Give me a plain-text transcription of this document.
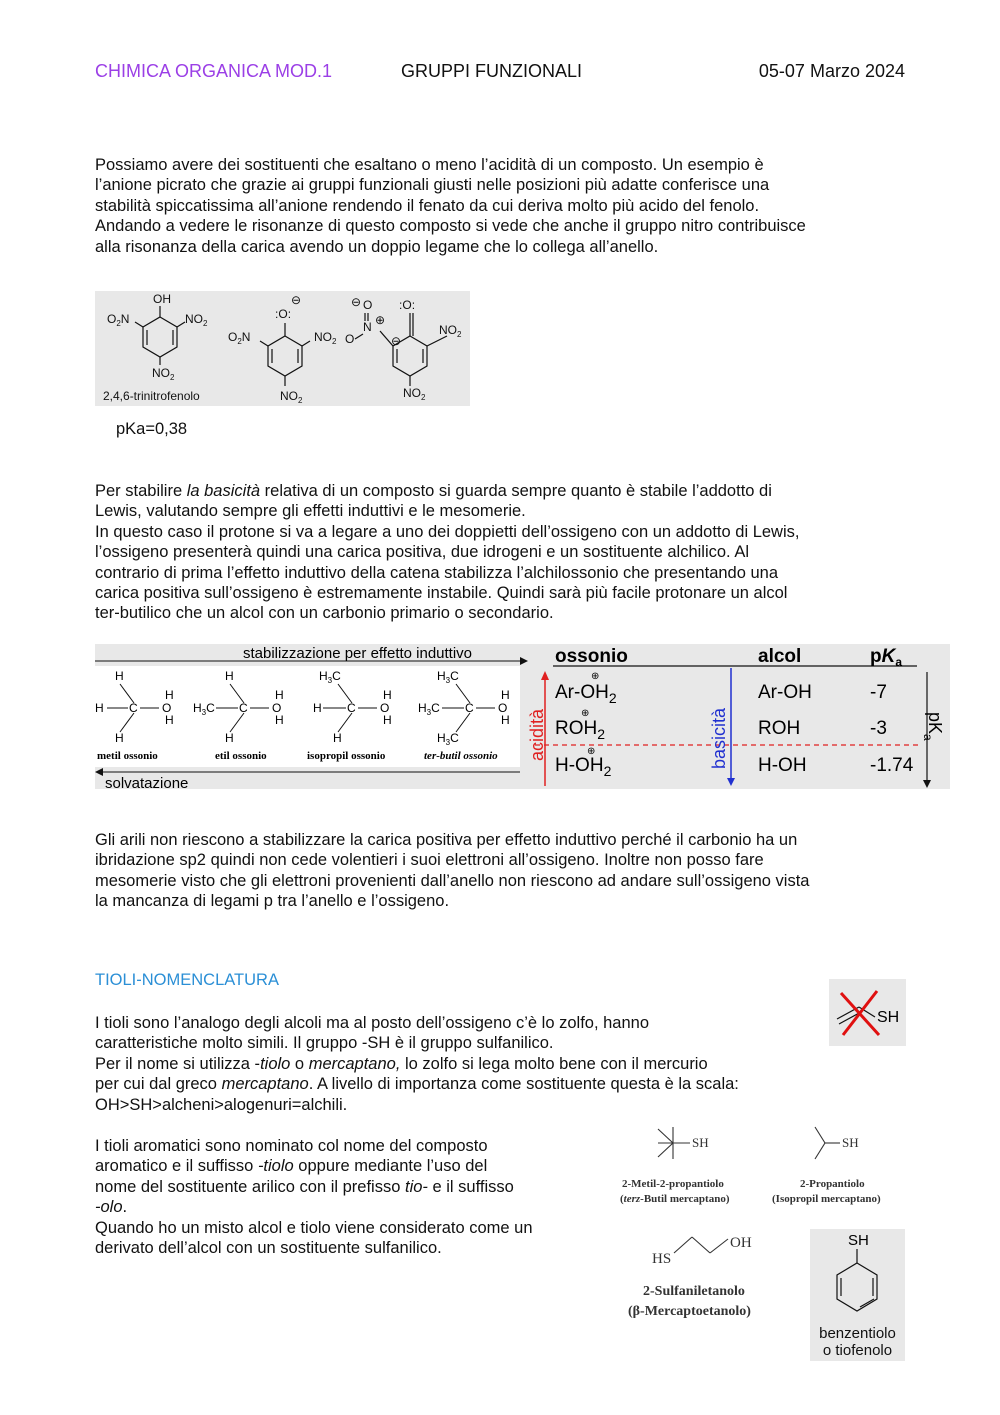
CHIMICA ORGANICA MOD.1	GRUPPI FUNZIONALI	05-07 Marzo 2024

Possiamo avere dei sostituenti che esaltano o meno l’acidità di un composto. Un esempio è

l’anione picrato che grazie ai gruppi funzionali giusti nelle posizioni più adatte conferisce una

stabilità spiccatissima all’anione rendendo il fenato da cui deriva molto più acido del fenolo.

Andando a vedere le risonanze di questo composto si vede che anche il gruppo nitro contribuisce

alla risonanza della carica avendo un doppio legame che lo collega all’anello.

OH
$O_2N$	$NO_2$
$NO_2$
2,4,6-trinitrofenolo
:O:
⊖
$O_2N$	$NO_2$
$NO_2$
:O:
⊖ O
N ⊕
O	⊖
$NO_2$
$NO_2$
pKa=0,38

Per stabilire la basicità relativa di un composto si guarda sempre quanto è stabile l’addotto di

Lewis, valutando sempre gli effetti induttivi e le mesomerie.

In questo caso il protone si va a legare a uno dei doppietti dell’ossigeno con un addotto di Lewis,

l’ossigeno presenterà quindi una carica positiva, due idrogeni e un sostituente alchilico. Al

contrario di prima l’effetto induttivo della catena stabilizza l’alchilossonio che presentando una

carica positiva sull’ossigeno è estremamente instabile. Quindi sarà più facile protonare un alcol

ter-butilico che un alcol con un carbonio primario o secondario.

stabilizzazione per effetto induttivo
solvatazione
H C
H
H
O
H
H
$H_3C$ C
H
H
O
H
H
H C
$H_3C$
H
O
H
H
$H_3C$ C
$H_3C$
$H_3C$
O
H
H
metil ossonio	etil ossonio	isopropil ossonio	ter-butil ossonio
ossonio	alcol	$pK_a$
$Ar-OH_2$	Ar-OH	-7
$ROH_2$	ROH	-3
$H-OH_2$	H-OH	-1.74
⊕
⊕
⊕
acidità	basicità	$pK_a$

Gli arili non riescono a stabilizzare la carica positiva per effetto induttivo perché il carbonio ha un

ibridazione sp2 quindi non cede volentieri i suoi elettroni all’ossigeno. Inoltre non posso fare

mesomerie visto che gli elettroni provenienti dall’anello non riescono ad andare sull’ossigeno vista

la mancanza di legami p tra l’anello e l’ossigeno.

TIOLI-NOMENCLATURA
SH

I tioli sono l’analogo degli alcoli ma al posto dell’ossigeno c’è lo zolfo, hanno

caratteristiche molto simili. Il gruppo -SH è il gruppo sulfanilico.

Per il nome si utilizza -tiolo o mercaptano, lo zolfo si lega molto bene con il mercurio

per cui dal greco mercaptano. A livello di importanza come sostituente questa è la scala:

OH>SH>alcheni>alogenuri=alchili.

I tioli aromatici sono nominato col nome del composto

aromatico e il suffisso -tiolo oppure mediante l’uso del

nome del sostituente arilico con il prefisso tio- e il suffisso

-olo.

Quando ho un misto alcol e tiolo viene considerato come un

derivato dell’alcol con un sostituente sulfanilico.

SH	SH
2-Metil-2-propantiolo
(terz-Butil mercaptano)
2-Propantiolo
(Isopropil mercaptano)
HS
OH
2-Sulfaniletanolo
(β-Mercaptoetanolo)
SH
benzentiolo
o tiofenolo
